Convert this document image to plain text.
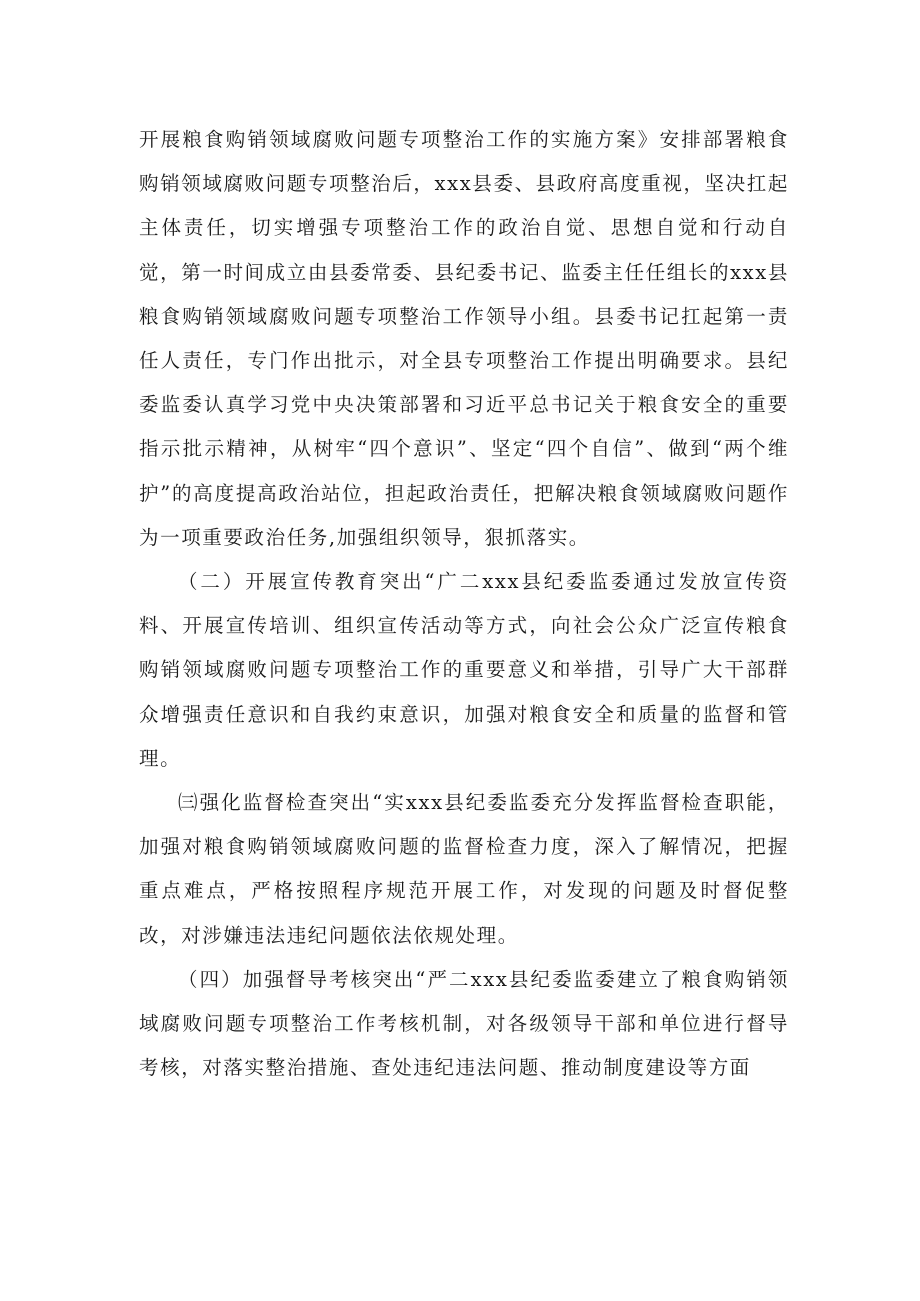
开展粮食购销领域腐败问题专项整治工作的实施方案》安排部署粮食购销领域腐败问题专项整治后，xxx县委、县政府高度重视，坚决扛起主体责任，切实增强专项整治工作的政治自觉、思想自觉和行动自觉，第一时间成立由县委常委、县纪委书记、监委主任任组长的xxx县粮食购销领域腐败问题专项整治工作领导小组。县委书记扛起第一责任人责任，专门作出批示，对全县专项整治工作提出明确要求。县纪委监委认真学习党中央决策部署和习近平总书记关于粮食安全的重要指示批示精神，从树牢“四个意识”、坚定“四个自信”、做到“两个维护”的高度提高政治站位，担起政治责任，把解决粮食领域腐败问题作为一项重要政治任务,加强组织领导，狠抓落实。

（二）开展宣传教育突出“广二xxx县纪委监委通过发放宣传资料、开展宣传培训、组织宣传活动等方式，向社会公众广泛宣传粮食购销领域腐败问题专项整治工作的重要意义和举措，引导广大干部群众增强责任意识和自我约束意识，加强对粮食安全和质量的监督和管理。

㈢强化监督检查突出“实xxx县纪委监委充分发挥监督检查职能，加强对粮食购销领域腐败问题的监督检查力度，深入了解情况，把握重点难点，严格按照程序规范开展工作，对发现的问题及时督促整改，对涉嫌违法违纪问题依法依规处理。

（四）加强督导考核突出“严二xxx县纪委监委建立了粮食购销领域腐败问题专项整治工作考核机制，对各级领导干部和单位进行督导考核，对落实整治措施、查处违纪违法问题、推动制度建设等方面
